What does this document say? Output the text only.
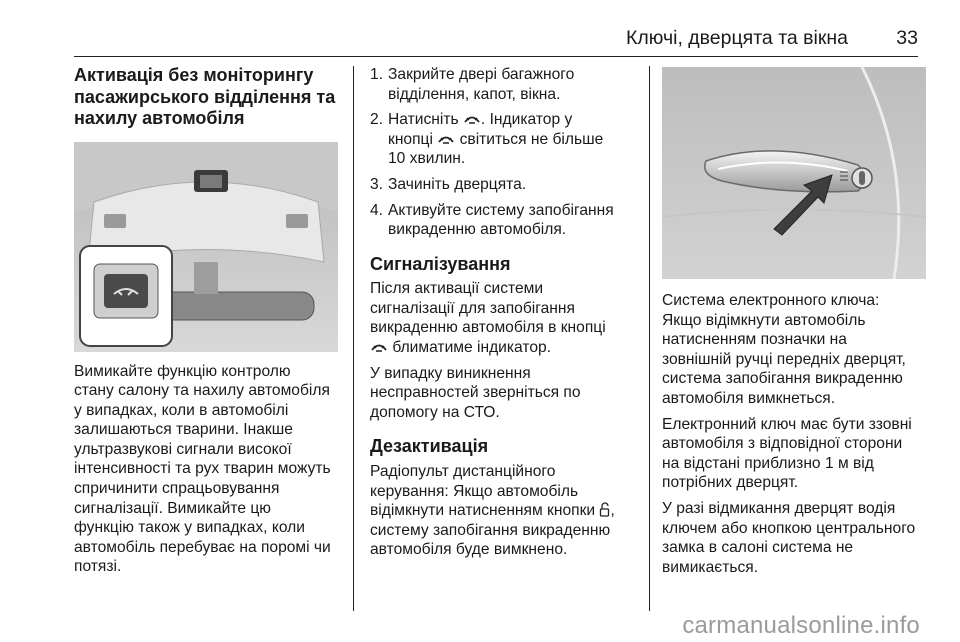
Ключі, дверцята та вікна 33
Активація без моніторингу
пасажирського відділення та
нахилу автомобіля

Вимикайте функцію контролю
стану салону та нахилу автомобіля
у випадках, коли в автомобілі
залишаються тварини. Інакше
ультразвукові сигнали високої
інтенсивності та рух тварин можуть
спричинити спрацьовування
сигналізації. Вимикайте цю
функцію також у випадках, коли
автомобіль перебуває на поромі чи
потязі.

1. Закрийте двері багажного
відділення, капот, вікна.
2. Натисніть . Індикатор у
кнопці  світиться не більше
10 хвилин.
3. Зачиніть дверцята.
4. Активуйте систему запобігання
викраденню автомобіля.
Сигналізування

Після активації системи
сигналізації для запобігання
викраденню автомобіля в кнопці
блиматиме індикатор.

У випадку виникнення
несправностей зверніться по
допомогу на СТО.

Дезактивація

Радіопульт дистанційного
керування: Якщо автомобіль
відімкнути натисненням кнопки ,
систему запобігання викраденню
автомобіля буде вимкнено.

Система електронного ключа:
Якщо відімкнути автомобіль
натисненням позначки на
зовнішній ручці передніх дверцят,
система запобігання викраденню
автомобіля вимкнеться.

Електронний ключ має бути ззовні
автомобіля з відповідної сторони
на відстані приблизно 1 м від
потрібних дверцят.

У разі відмикання дверцят водія
ключем або кнопкою центрального
замка в салоні система не
вимикається.

carmanualsonline.info
